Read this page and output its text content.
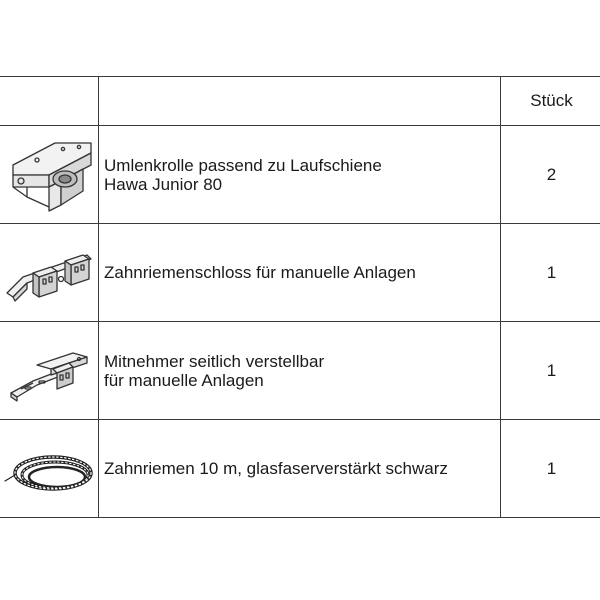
		Stück

Umlenkrolle passend zu Laufschiene
Hawa Junior 80	2

Zahnriemenschloss für manuelle Anlagen	1

Mitnehmer seitlich verstellbar
für manuelle Anlagen	1

Zahnriemen 10 m, glasfaserverstärkt schwarz	1
